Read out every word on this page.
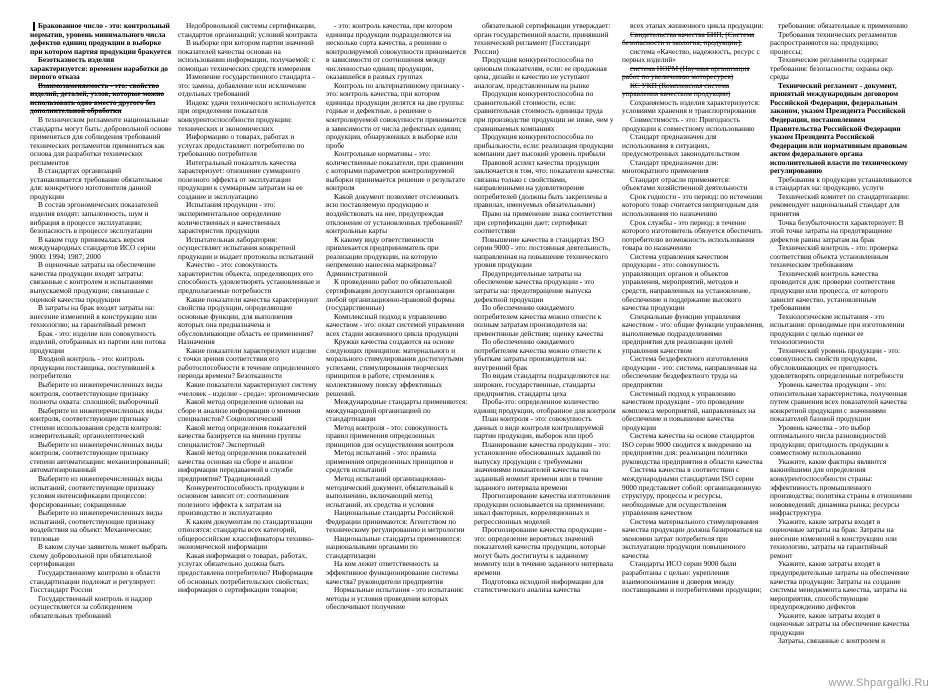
Бракованное число - это: контрольный норматив, уровень минимального числа дефектов единиц продукции в выборке при котором партия продукции бракуется

Безотказность изделия характеризуется: временем наработки до первого отказа

Взаимозаменяемость - это: свойство изделий, деталей, узлов, которые можно использовать одно вместо другого без дополнительной обработки

В техническом регламенте национальные стандарты могут быть: добровольной основе применяться для соблюдения требований технических регламентов применяться как основа для разработки технических регламентов

В стандартах организаций устанавливается требование обязательное для: конкретного изготовителя данной продукции

В состав эргономических показателей изделия входят: запыленность, шум и вибрация в процессе эксплуатации; безопасность в процессе эксплуатации

В каком году принималась версия международных стандартов ИСО серии 9000: 1994; 1987; 2000

В оценочные затраты на обеспечение качества продукции входят затраты: связанные с контролем и испытаниями выпускаемой продукции; связанные с оценкой качества продукции

В затраты на брак входят затраты на: внесение изменений в конструкцию или технологию; на гарантийный ремонт

Брак - это: изделие или совокупность изделий, отобранных из партии или потока продукции

Входной контроль - это: контроль продукции поставщика, поступившей к потребителю

Выберите из нижеперечисленных виды контроля, соответствующие признаку полноты охвата: сплошной; выборочный

Выберите из нижеперечисленных виды контроля, соответствующие признаку степени использования средств контроля: измерительный; органолептический

Выберите из нижеперечисленных виды контроля, соответствующие признаку степени автоматизации: механизированный; автоматизированный

Выберите из нижеперечисленных виды испытаний, соответствующие признаку условия интенсификации процессов: форсированные; сокращенные

Выберите из нижеперечисленных виды испытаний, соответствующие признаку воздействия на объект: Механические; тепловые

В каком случае заявитель может выбрать схему добровольной при обязательной сертификации

Государственному контролю в области стандартизации подлежат и регулирует: Госстандарт России

Государственный контроль и надзор осуществляется за соблюдением обязательных требований

Недобровольной системы сертификации, стандартов организаций; условий контракта

В выборке при котором партия значений показателей качества основан на использовании информации, получаемой: с помощью технических средств измерения

Изменение государственного стандарта - это: замена, добавление или исключение отдельных требований

Индекс удачи технического используется при определении показателя конкурентоспособности продукции: технических и экономических

Информацию о товарах, работах и услугах предоставляет: потребителю по требованию потребителя

Интегральный показатель качества характеризует: отношение суммарного полезного эффекта от эксплуатации продукции к суммарным затратам на ее создание и эксплуатацию

Испытания продукции - это: экспериментальное определение количественных и качественных характеристик продукции

Испытательная лаборатория: осуществляет испытания конкретной продукции и выдает протоколы испытаний

Качество - это: совокупность характеристик объекта, определяющих его способность удовлетворять установленные и предполагаемые потребности

Какие показатели качества характеризуют свойства продукции, определяющие основные функции, для выполнения которых она предназначена и обусловливающие область ее применения? Назначения

Какие показатели характеризуют изделие с точки зрения соответствия его работоспособности в течение определенного периода времени? Безотказности

Какие показатели характеризуют систему «человек - изделие - среда»: эргономические

Какой метод определения основан на сборе и анализе информации о мнении специалистов? Социологический

Какой метод определения показателей качества базируется на мнении группы специалистов? Экспертный

Какой метод определения показателей качества основан на сборе и анализе информации передаваемой в службе предприятия? Традиционный

Конкурентоспособность продукции в основном зависит от: соотношения полезного эффекта к затратам на производство и эксплуатацию

К каким документам по стандартизации относятся: стандарты всех категорий, общероссийские классификаторы технико-экономической информации

Какая информация о товарах, работах, услугах обязательно должна быть предоставлена потребителю? Информация об основных потребительских свойствах; информация о сертификации товаров;

- это: контроль качества, при котором единицы продукции подразделяются на несколько сорта качества, а решение о контролируемой совокупности принимается в зависимости от соотношения между численностью единиц продукции, оказавшейся в разных группах

Контроль по альтернативному признаку - это: контроль качества, при котором единицы продукции делятся на две группы: годные и дефектные, а решение о контролируемой совокупности принимается в зависимости от числа дефектных единиц продукции, обнаруженных в выборке или пробе

Контрольные нормативы - это: количественные показатели, при сравнении с которыми параметров контролируемой выборки принимается решение о результате контроля

Какой документ позволяет отслеживать всю поставляемую продукцию и воздействовать на нее, предупреждая отклонение от установленных требований? контрольные карты

К какому виду ответственности привлекается предприниматель при реализации продукции, на которую непременно нанесена маркировка? Административной

К проведению работ по обязательной сертификации допускаются организации любой организационно-правовой формы (государственные)

Комплексный подход к управлению качеством - это: охват системой управления всех стадии жизненного цикла продукции

Кружки качества создаются на основе следующих принципов: материального и морального стимулирования достигнутыми успехами, стимулирования творческих принципов в работе, стремления к коллективному поиску эффективных решений.

Международные стандарты применяются: международной организацией по стандартизации

Метод контроля - это: совокупность правил применения определенных принципов для осуществления контроля

Метод испытаний - это: правила применения определенных принципов и средств испытаний

Метод испытаний организационно-методический документ, обязательный к выполнению, включающий метод испытаний, их средства и условия

Национальные стандарты Российской Федерации принимаются: Агентством по техническому регулированию и метрологии

Национальные стандарты применяются: национальными органами по стандартизации

На ком лежит ответственность за эффективное функционирование системы качества? руководители предприятия

Нормальные испытания - это испытания: методы и условия проведения которых обеспечивают получение

обязательной сертификации утверждает: орган государственной власти, принявший технический регламент (Госстандарт России)

Продукция конкурентоспособна по ценовым показателям, если: ее продажная цена, дизайн и качество не уступают аналогам, представленным на рынке

Продукция конкурентоспособна по сравнительной стоимости, если: сравнительная стоимость единицы труда при производстве продукции не ниже, чем у сравниваемых компаниях

Продукция конкурентоспособна по прибыльности, если: реализация продукции компании дает высокий уровень прибыли

Правовой аспект качества продукции заключается в том, что: показатели качества: связаны только с свойствами, направленными на удовлетворение потребителей (должны быть закреплены в правилах, именуемых обязательными)

Право на применение знака соответствия при сертификации дает: сертификат соответствия

Повышение качества в стандартах ISO серии 9000 - это: постоянная деятельность, направленная на повышение технического уровня продукции

Предупредительные затраты на обеспечение качества продукции - это затраты на: предотвращение выпуска дефектной продукции

По обеспечению ожидаемого потребителем качества можно отнести к полным затратам производителя на: превентивные действия; оценку качества

По обеспечению ожидаемого потребителем качества можно отнести к убыткам затраты производителя на: внутренний брак

По видам стандарты подразделяются на: широкие, государственные, стандарты предприятия, стандарты цеха

Проба-это: определенное количество единиц продукции, отобранное для контроля

План контроля - это: совокупность данных о виде контроля контролируемой партии продукции, выборок или проб

Планирование качества продукции - это: установление обоснованных заданий по выпуску продукции с требуемыми значениями показателей качества на заданный момент времени или в течение заданного интервала времени

Прогнозирование качества изготовления продукции основывается на применении: шкал факторных, корреляционных и регрессионных моделей

Прогнозирование качества продукции - это: определение вероятных значений показателей качества продукции, которые могут быть достигнуты к заданному моменту или в течение заданного интервала времени

Подготовка исходной информации для статистического анализа качества

всех этапах жизненного цикла продукции:

Свидетельства качества БИП, [Система безопасности и экология, продукции]:

система «Качество, надежность, ресурс с первых изделий»

система НОРМ (Научная организация работ по увеличению моторесурса)

КС УКП (Комплексная система управления качеством продукции)

Сохраняемость изделия характеризуется: условиями хранения и транспортирования

Совместимость - это: Пригодность продукции к совместному использованию

Стандарт предназначен для использования в ситуациях, предусмотренных законодательством

Стандарт предназначен для: многократного применения

Стандарт отрасли применяется: объектами хозяйственной деятельности

Срок годности - это период: по истечении которого товар считается непригодным для использования по назначению

Срок службы - это период: в течение которого изготовитель обязуется обеспечить потребителю возможность использования товара по назначению

Система управления качеством продукции - это: совокупность управляющих органов и объектов управления, мероприятий, методов и средств, направленных на установление, обеспечение и поддержание высокого качества продукции

Специальные функции управления качеством - это: общие функции управления, выполняемые подразделениями предприятия для реализации целей управления качеством

Система бездефектного изготовления продукции - это: система, направленная на обеспечение бездефектного труда на предприятии

Системный подход к управлению качеством продукции - это проведение комплекса мероприятий, направленных на обеспечение и повышение качества продукции

Система качества на основе стандартов ISO серии 9000 сводится к внедрению на предприятии для: реализации политики руководства предприятия в области качества

Система качества в соответствии с международными стандартами ISO серии 9000 представляет собой: организационную структуру, процессы и ресурсы, необходимые для осуществления управления качеством

Система материального стимулирования качества продукции должна базироваться на экономии затрат потребителя при эксплуатации продукции повышенного качества

Стандарты ИСО серии 9000 были разработаны с целью: укрепления взаимопонимания и доверия между поставщиками и потребителями продукции;

требования: обязательные к применению

Требования технических регламентов распространяются на: продукцию; процессы;

Технические регламенты содержат требования: безопасности; охраны окр. среды

Технический регламент - документ, принятый международным договором Российской Федерации, федеральным законом, указом Президента Российской Федерации, постановлением Правительства Российской Федерации указом Президента Российской Федерации или нормативным правовым актом федерального органа исполнительной власти по техническому регулированию

Требования к продукции устанавливаются в стандартах на: продукцию, услуги

Технический комитет по стандартизации: рекомендует национальный стандарт для принятия

Точка безубыточности характеризует: В этой точке затраты на предотвращение дефектов равны затратам на брак

Технический контроль - это: проверка соответствия объекта установленным техническим требованиям

Технический контроль качества проводится для: проверки соответствия продукции или процесса, от которого зависит качество, установленным требованиям

Технологические испытания - это испытания: проводимые при изготовлении продукции с целью оценки ее технологичности

Технический уровень продукции - это: совокупность свойств продукции, обусловливающих ее пригодность удовлетворять определенные потребности

Уровень качества продукции - это: относительная характеристика, полученная путем сравнения всех показателей качества конкретной продукции с значениями показателей базовой продукции

Уровень качества - это выбор оптимального числа разновидностей продукции; пригодность продукции к совместному использованию

Укажите, какие факторы являются важнейшими для определения конкурентоспособности страны: эффективность промышленного производства; политика страны в отношении нововведений; динамика рынка; ресурсы инфраструктура

Укажите, какие затраты входят в оценочные затраты на брак: Затраты на внесение изменений в конструкцию или технологию, затраты на гарантийный ремонт

Укажите, какие затраты входят в предупредительные затраты на обеспечение качества продукции: Затраты на создание системы менеджмента качества, затраты на мероприятия, способствующие предупреждению дефектов

Укажите, какие затраты входят в оценочные затраты на обеспечение качества продукции

Затраты, связанные с контролем и

www.Shpargalki.Ru
